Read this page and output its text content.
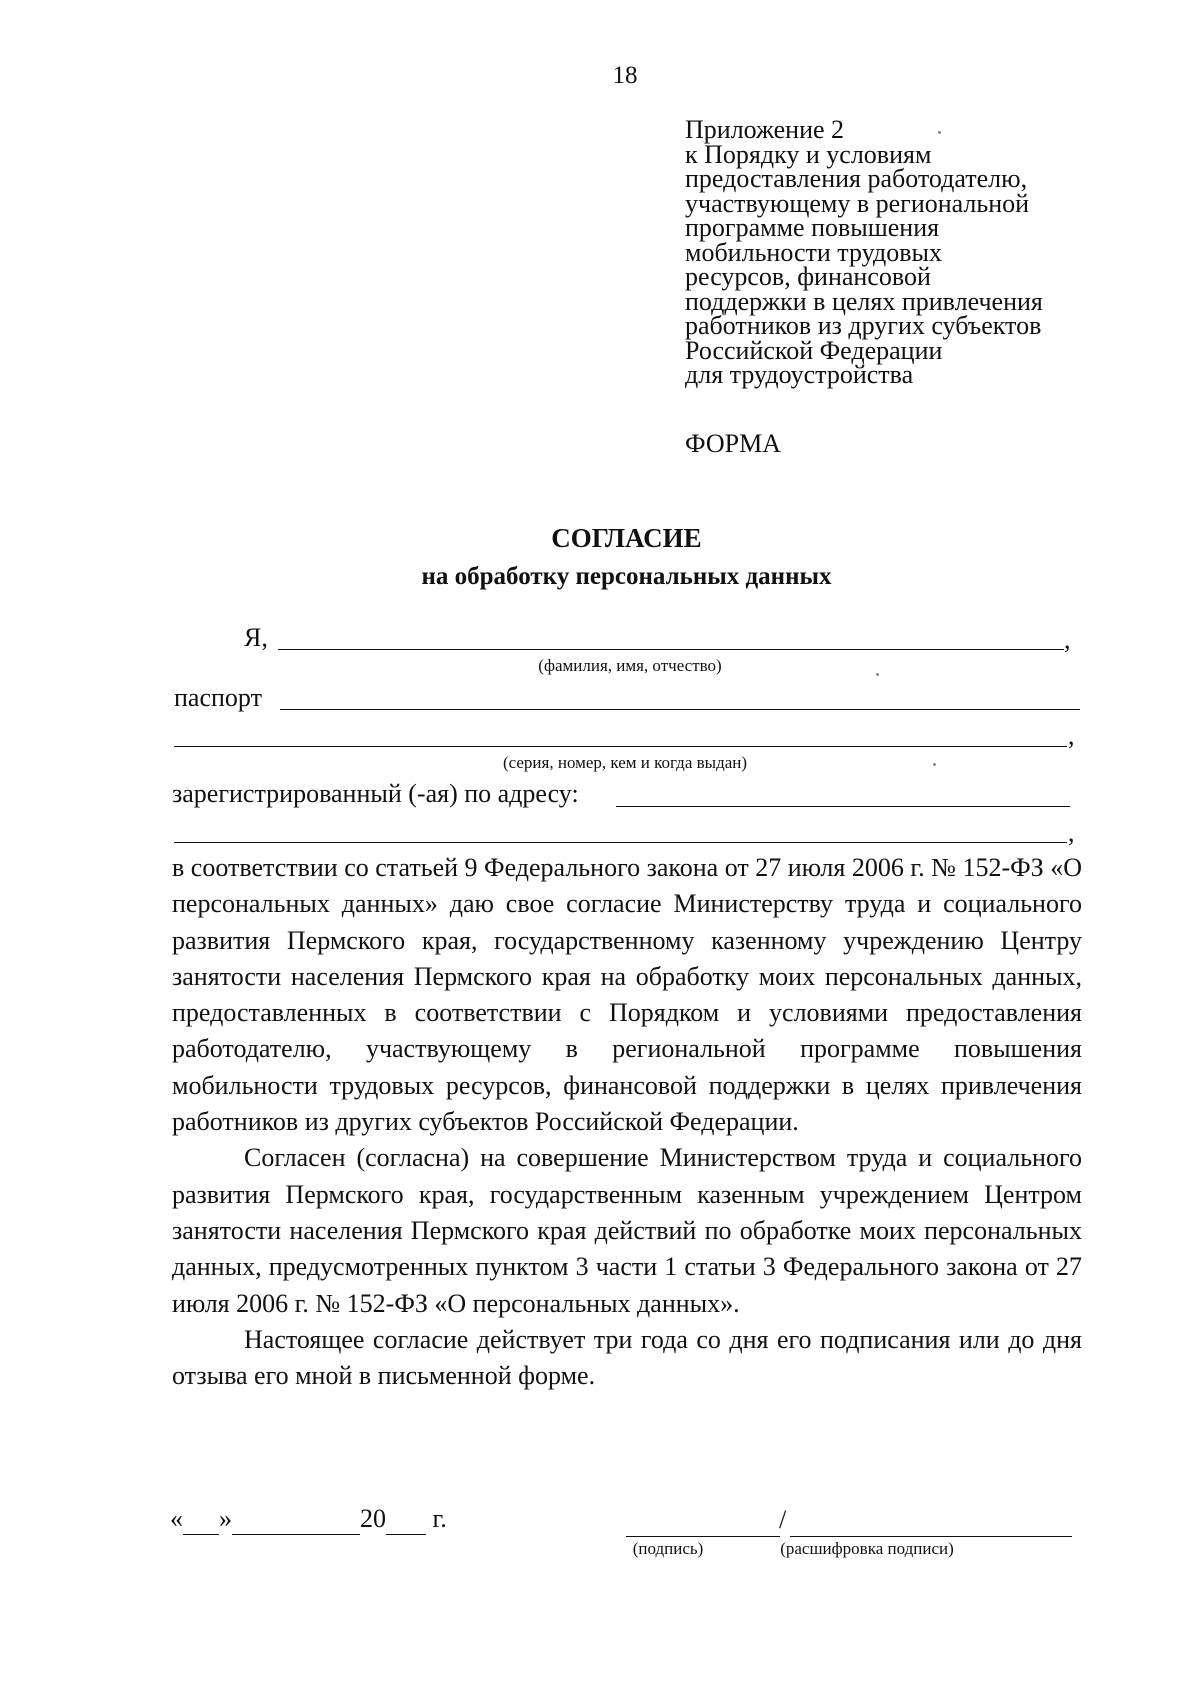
18
Приложение 2
к Порядку и условиям
предоставления работодателю,
участвующему в региональной
программе повышения
мобильности трудовых
ресурсов, финансовой
поддержки в целях привлечения
работников из других субъектов
Российской Федерации
для трудоустройства
ФОРМА
СОГЛАСИЕ
на обработку персональных данных
Я,	,
(фамилия, имя, отчество)
паспорт
,
(серия, номер, кем и когда выдан)
зарегистрированный (-ая) по адресу:
,

в соответствии со статьей 9 Федерального закона от 27 июля 2006 г. № 152-ФЗ «О персональных данных» даю свое согласие Министерству труда и социального развития Пермского края, государственному казенному учреждению Центру занятости населения Пермского края на обработку моих персональных данных, предоставленных в соответствии с Порядком и условиями предоставления работодателю, участвующему в региональной программе повышения мобильности трудовых ресурсов, финансовой поддержки в целях привлечения работников из других субъектов Российской Федерации.

Согласен (согласна) на совершение Министерством труда и социального развития Пермского края, государственным казенным учреждением Центром занятости населения Пермского края действий по обработке моих персональных данных, предусмотренных пунктом 3 части 1 статьи 3 Федерального закона от 27 июля 2006 г. № 152-ФЗ «О персональных данных».

Настоящее согласие действует три года со дня его подписания или до дня отзыва его мной в письменной форме.

« »	20 г.	/
(подпись)	(расшифровка подписи)
